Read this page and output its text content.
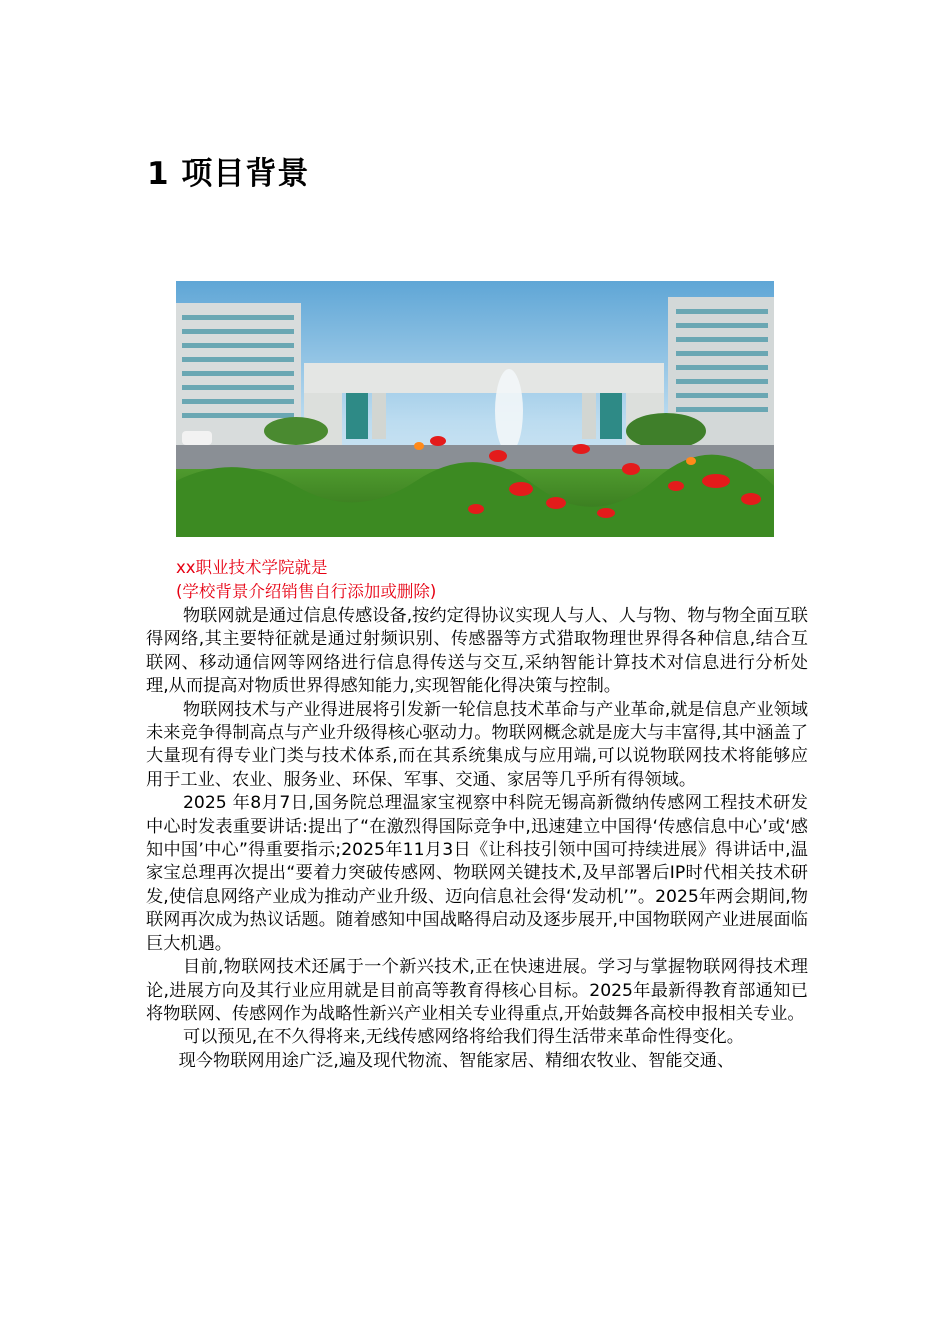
1 项目背景

xx职业技术学院就是

(学校背景介绍销售自行添加或删除)

物联网就是通过信息传感设备,按约定得协议实现人与人、人与物、物与物全面互联得网络,其主要特征就是通过射频识别、传感器等方式猎取物理世界得各种信息,结合互联网、移动通信网等网络进行信息得传送与交互,采纳智能计算技术对信息进行分析处理,从而提高对物质世界得感知能力,实现智能化得决策与控制。

物联网技术与产业得进展将引发新一轮信息技术革命与产业革命,就是信息产业领域未来竞争得制高点与产业升级得核心驱动力。物联网概念就是庞大与丰富得,其中涵盖了大量现有得专业门类与技术体系,而在其系统集成与应用端,可以说物联网技术将能够应用于工业、农业、服务业、环保、军事、交通、家居等几乎所有得领域。

2025 年8月7日,国务院总理温家宝视察中科院无锡高新微纳传感网工程技术研发中心时发表重要讲话:提出了“在激烈得国际竞争中,迅速建立中国得‘传感信息中心’或‘感知中国’中心”得重要指示;2025年11月3日《让科技引领中国可持续进展》得讲话中,温家宝总理再次提出“要着力突破传感网、物联网关键技术,及早部署后IP时代相关技术研发,使信息网络产业成为推动产业升级、迈向信息社会得‘发动机’”。2025年两会期间,物联网再次成为热议话题。随着感知中国战略得启动及逐步展开,中国物联网产业进展面临巨大机遇。

目前,物联网技术还属于一个新兴技术,正在快速进展。学习与掌握物联网得技术理论,进展方向及其行业应用就是目前高等教育得核心目标。2025年最新得教育部通知已将物联网、传感网作为战略性新兴产业相关专业得重点,开始鼓舞各高校申报相关专业。

可以预见,在不久得将来,无线传感网络将给我们得生活带来革命性得变化。

现今物联网用途广泛,遍及现代物流、智能家居、精细农牧业、智能交通、
